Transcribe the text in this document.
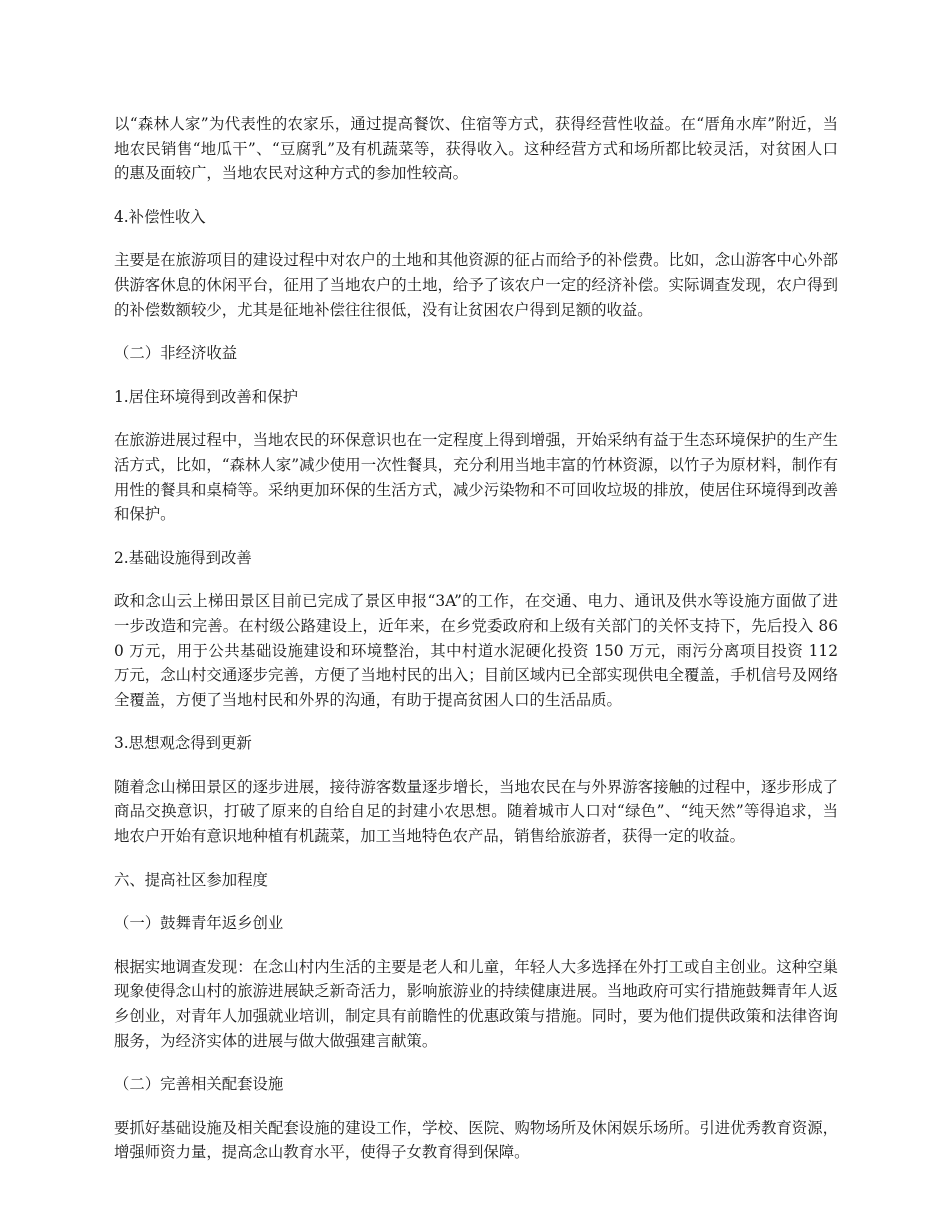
以“森林人家”为代表性的农家乐，通过提高餐饮、住宿等方式，获得经营性收益。在“厝角水库”附近，当地农民销售“地瓜干”、“豆腐乳”及有机蔬菜等，获得收入。这种经营方式和场所都比较灵活，对贫困人口的惠及面较广，当地农民对这种方式的参加性较高。

4.补偿性收入

主要是在旅游项目的建设过程中对农户的土地和其他资源的征占而给予的补偿费。比如，念山游客中心外部供游客休息的休闲平台，征用了当地农户的土地，给予了该农户一定的经济补偿。实际调查发现，农户得到的补偿数额较少，尤其是征地补偿往往很低，没有让贫困农户得到足额的收益。

（二）非经济收益

1.居住环境得到改善和保护

在旅游进展过程中，当地农民的环保意识也在一定程度上得到增强，开始采纳有益于生态环境保护的生产生活方式，比如，“森林人家”减少使用一次性餐具，充分利用当地丰富的竹林资源，以竹子为原材料，制作有用性的餐具和桌椅等。采纳更加环保的生活方式，减少污染物和不可回收垃圾的排放，使居住环境得到改善和保护。

2.基础设施得到改善

政和念山云上梯田景区目前已完成了景区申报“3A”的工作，在交通、电力、通讯及供水等设施方面做了进一步改造和完善。在村级公路建设上，近年来，在乡党委政府和上级有关部门的关怀支持下，先后投入 860 万元，用于公共基础设施建设和环境整治，其中村道水泥硬化投资 150 万元，雨污分离项目投资 112 万元，念山村交通逐步完善，方便了当地村民的出入；目前区域内已全部实现供电全覆盖，手机信号及网络全覆盖，方便了当地村民和外界的沟通，有助于提高贫困人口的生活品质。

3.思想观念得到更新

随着念山梯田景区的逐步进展，接待游客数量逐步增长，当地农民在与外界游客接触的过程中，逐步形成了商品交换意识，打破了原来的自给自足的封建小农思想。随着城市人口对“绿色”、“纯天然”等得追求，当地农户开始有意识地种植有机蔬菜，加工当地特色农产品，销售给旅游者，获得一定的收益。

六、提高社区参加程度

（一）鼓舞青年返乡创业

根据实地调查发现：在念山村内生活的主要是老人和儿童，年轻人大多选择在外打工或自主创业。这种空巢现象使得念山村的旅游进展缺乏新奇活力，影响旅游业的持续健康进展。当地政府可实行措施鼓舞青年人返乡创业，对青年人加强就业培训，制定具有前瞻性的优惠政策与措施。同时，要为他们提供政策和法律咨询服务，为经济实体的进展与做大做强建言献策。

（二）完善相关配套设施

要抓好基础设施及相关配套设施的建设工作，学校、医院、购物场所及休闲娱乐场所。引进优秀教育资源，增强师资力量，提高念山教育水平，使得子女教育得到保障。
